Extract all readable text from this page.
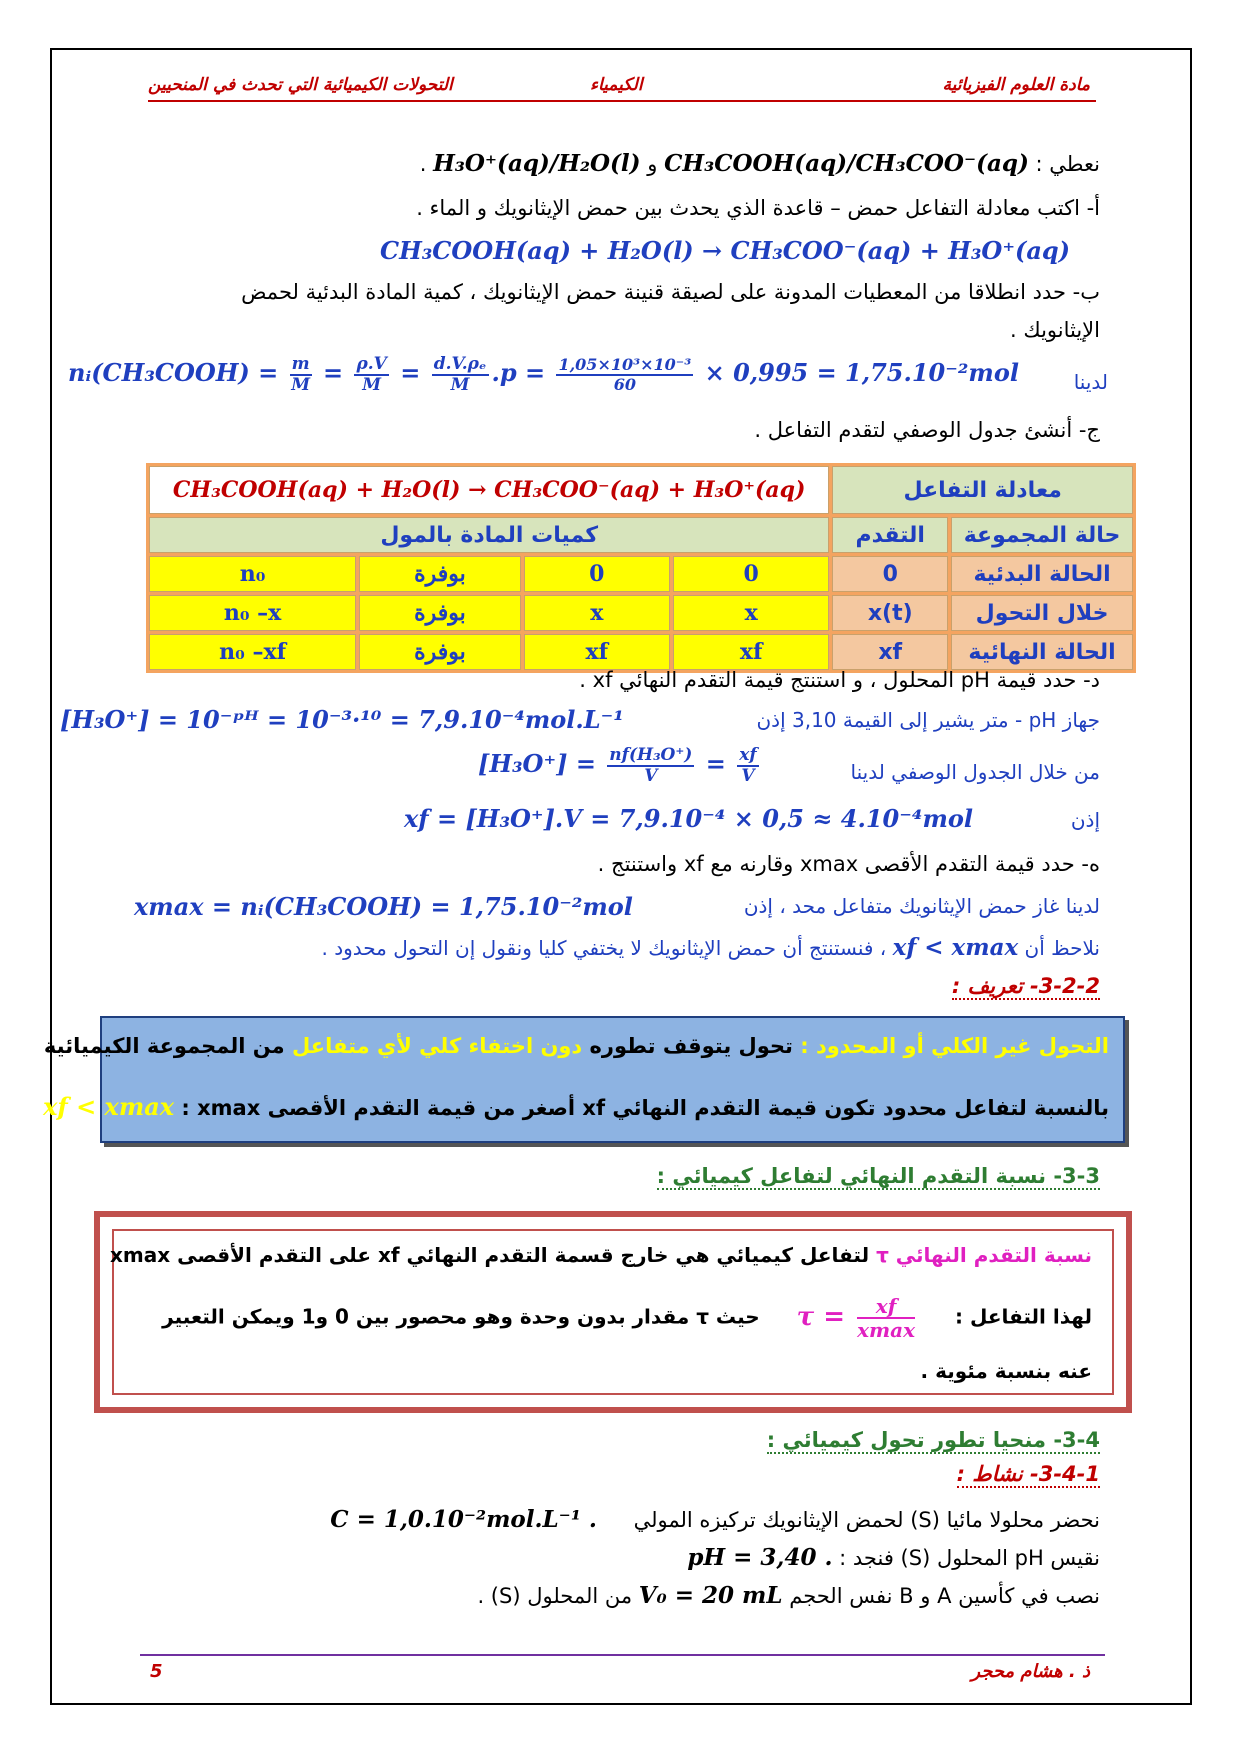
مادة العلوم الفيزيائية
الكيمياء
التحولات الكيميائية التي تحدث في المنحيين
نعطي : CH₃COOH(aq)/CH₃COO⁻(aq) و H₃O⁺(aq)/H₂O(l) .
أ- اكتب معادلة التفاعل حمض – قاعدة الذي يحدث بين حمض الإيثانويك و الماء .
CH₃COOH(aq) + H₂O(l) → CH₃COO⁻(aq) + H₃O⁺(aq)
ب- حدد انطلاقا من المعطيات المدونة على لصيقة قنينة حمض الإيثانويك ، كمية المادة البدئية لحمض
الإيثانويك .
لدينا
nᵢ(CH₃COOH) = $\frac{m}{M} = \frac{\rho.V}{M} = \frac{\text{d.V.ρₑ}}{M} .p = \frac{\text{1,05×10³×10⁻³}}{60} \times 0,995 = 1,75.10^{-2}mol$
ج- أنشئ جدول الوصفي لتقدم التفاعل .
CH₃COOH(aq) + H₂O(l) → CH₃COO⁻(aq) + H₃O⁺(aq)				معادلة التفاعل	
كميات المادة بالمول				التقدم	حالة المجموعة
n₀	بوفرة	0	0	0	الحالة البدئية
n₀ –x	بوفرة	x	x	x(t)	خلال التحول
n₀ –xf	بوفرة	xf	xf	xf	الحالة النهائية
د- حدد قيمة pH المحلول ، و استنتج قيمة التقدم النهائي xf .
جهاز pH - متر يشير إلى القيمة 3,10 إذن
[H₃O⁺] = 10⁻ᵖᴴ = 10⁻³·¹⁰ = 7,9.10⁻⁴mol.L⁻¹
من خلال الجدول الوصفي لدينا
$[H_3O^+] = \frac{\text{nf(H₃O⁺)}}{V} = \frac{xf}{V}$
إذن
xf = [H₃O⁺].V = 7,9.10⁻⁴ × 0,5 ≈ 4.10⁻⁴mol
ه- حدد قيمة التقدم الأقصى xmax وقارنه مع xf واستنتج .
لدينا غاز حمض الإيثانويك متفاعل محد ، إذن
xmax = nᵢ(CH₃COOH) = 1,75.10⁻²mol
نلاحظ أن xf < xmax ، فنستنتج أن حمض الإيثانويك لا يختفي كليا ونقول إن التحول محدود .
3-2-2- تعريف :
التحول غير الكلي أو المحدود : تحول يتوقف تطوره دون اختفاء كلي لأي متفاعل من المجموعة الكيميائية
بالنسبة لتفاعل محدود تكون قيمة التقدم النهائي xf أصغر من قيمة التقدم الأقصى xmax : xf < xmax
3-3- نسبة التقدم النهائي لتفاعل كيميائي :
نسبة التقدم النهائي τ لتفاعل كيميائي هي خارج قسمة التقدم النهائي xf على التقدم الأقصى xmax
لهذا التفاعل : $\tau = \frac{xf}{xmax}$
حيث τ مقدار بدون وحدة وهو محصور بين 0 و1 ويمكن التعبير
عنه بنسبة مئوية .
3-4- منحيا تطور تحول كيميائي :
3-4-1- نشاط :
نحضر محلولا مائيا (S) لحمض الإيثانويك تركيزه المولي C = 1,0.10⁻²mol.L⁻¹ .
نقيس pH المحلول (S) فنجد : pH = 3,40 .
نصب في كأسين A و B نفس الحجم V₀ = 20 mL من المحلول (S) .
ذ . هشام محجر
5
